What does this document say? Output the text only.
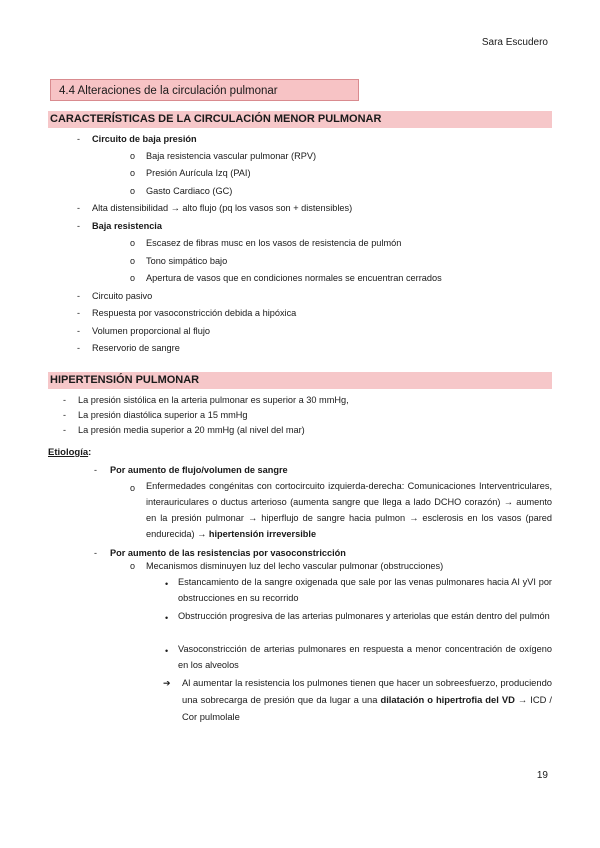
Sara Escudero
4.4 Alteraciones de la circulación pulmonar
CARACTERÍSTICAS DE LA CIRCULACIÓN MENOR PULMONAR
- Circuito de baja presión
o Baja resistencia vascular pulmonar (RPV)
o Presión Aurícula Izq (PAI)
o Gasto Cardiaco (GC)
- Alta distensibilidad → alto flujo (pq los vasos son + distensibles)
- Baja resistencia
o Escasez de fibras musc en los vasos de resistencia de pulmón
o Tono simpático bajo
o Apertura de vasos que en condiciones normales se encuentran cerrados
- Circuito pasivo
- Respuesta por vasoconstricción debida a hipóxica
- Volumen proporcional al flujo
- Reservorio de sangre
HIPERTENSIÓN PULMONAR
- La presión sistólica en la arteria pulmonar es superior a 30 mmHg,
- La presión diastólica superior a 15 mmHg
- La presión media superior a 20 mmHg (al nivel del mar)
Etiología:
- Por aumento de flujo/volumen de sangre
o Enfermedades congénitas con cortocircuito izquierda-derecha: Comunicaciones Interventriculares, interauriculares o ductus arterioso (aumenta sangre que llega a lado DCHO corazón) → aumento en la presión pulmonar → hiperflujo de sangre hacia pulmon → esclerosis en los vasos (pared endurecida) → hipertensión irreversible
- Por aumento de las resistencias por vasoconstricción
o Mecanismos disminuyen luz del lecho vascular pulmonar (obstrucciones)
• Estancamiento de la sangre oxigenada que sale por las venas pulmonares hacia AI yVI por obstrucciones en su recorrido
• Obstrucción progresiva de las arterias pulmonares y arteriolas que están dentro del pulmón
• Vasoconstricción de arterias pulmonares en respuesta a menor concentración de oxígeno en los alveolos
➔ Al aumentar la resistencia los pulmones tienen que hacer un sobreesfuerzo, produciendo una sobrecarga de presión que da lugar a una dilatación o hipertrofia del VD → ICD / Cor pulmolale
19
